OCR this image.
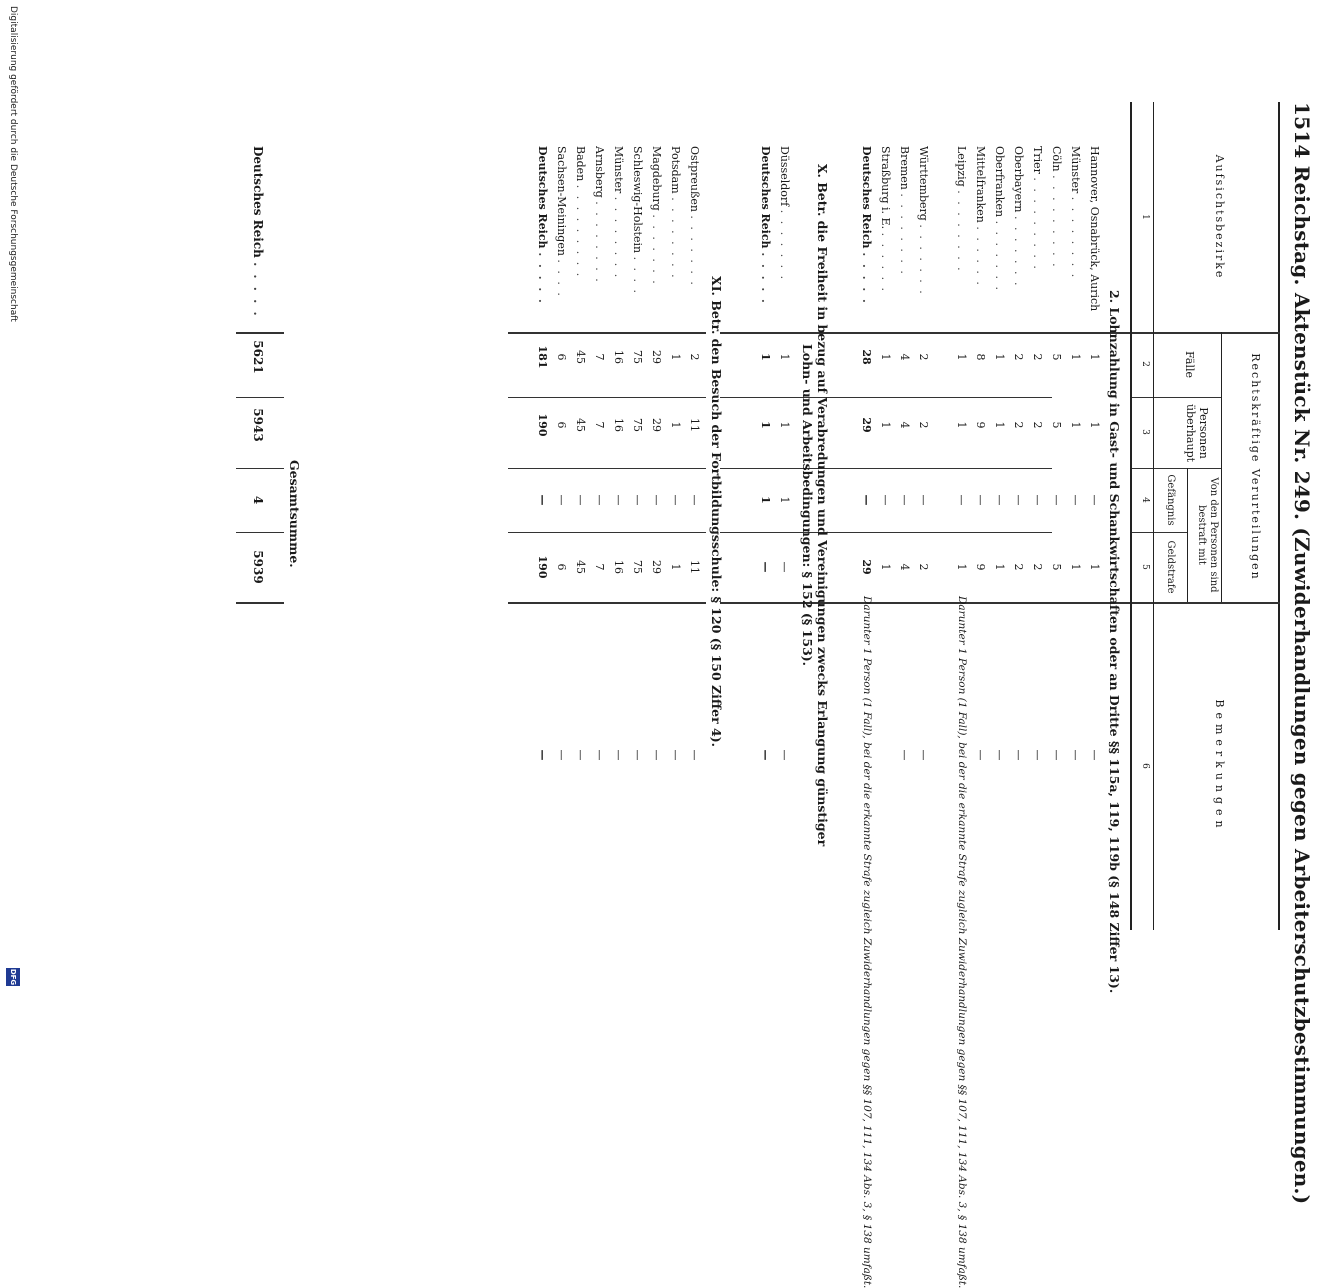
1514 Reichstag. Aktenstück Nr. 249. (Zuwiderhandlungen gegen Arbeiterschutzbestimmungen.)
Aufsichtsbezirke
Rechtskräftige Verurteilungen
Fälle
Personen überhaupt
Von den Personen sind bestraft mit
Gefängnis
Geldstrafe
Bemerkungen
1
2
3
4
5
6
2. Lohnzahlung in Gast- und Schankwirtschaften oder an Dritte §§ 115a, 119, 119b (§ 148 Ziffer 13).
Hannover, Osnabrück, Aurich
1
1
—
1
—
Münster . . . . . . . .
1
1
—
1
—
Cöln . . . . . . . . .
5
5
—
5
—
Trier . . . . . . . . .
2
2
—
2
—
Oberbayern . . . . . . .
2
2
—
2
—
Oberfranken . . . . . . .
1
1
—
1
—
Mittelfranken . . . . . .
8
9
—
9
—
Leipzig . . . . . . . .
1
1
—
1
Darunter 1 Person (1 Fall), bei der die erkannte Strafe zugleich Zuwiderhandlungen gegen §§ 107, 111, 134 Abs. 3, § 138 umfaßt.
Württemberg . . . . . . .
2
2
—
2
—
Bremen . . . . . . . .
4
4
—
4
—
Straßburg i. E. . . . . . .
1
1
—
1
Deutsches Reich . . . . .
28
29
—
29
Darunter 1 Person (1 Fall), bei der die erkannte Strafe zugleich Zuwiderhandlungen gegen §§ 107, 111, 134 Abs. 3, § 138 umfaßt.
X. Betr. die Freiheit in bezug auf Verabredungen und Vereinigungen zwecks Erlangung günstiger Lohn- und Arbeitsbedingungen: § 152 (§ 153).
Düsseldorf . . . . . . .
1
1
1
—
—
Deutsches Reich . . . . .
1
1
1
—
—
XI. Betr. den Besuch der Fortbildungsschule: § 120 (§ 150 Ziffer 4).
Ostpreußen . . . . . . .
2
11
—
11
—
Potsdam . . . . . . . .
1
1
—
1
—
Magdeburg . . . . . . .
29
29
—
29
—
Schleswig-Holstein . . . .
75
75
—
75
—
Münster . . . . . . . .
16
16
—
16
—
Arnsberg . . . . . . . .
7
7
—
7
—
Baden . . . . . . . . .
45
45
—
45
—
Sachsen-Meiningen . . . .
6
6
—
6
—
Deutsches Reich . . . . .
181
190
—
190
—
Gesamtsumme.
Deutsches Reich . . . . .
5621
5943
4
5939
Digitalisierung gefördert durch die Deutsche Forschungsgemeinschaft
DFG
